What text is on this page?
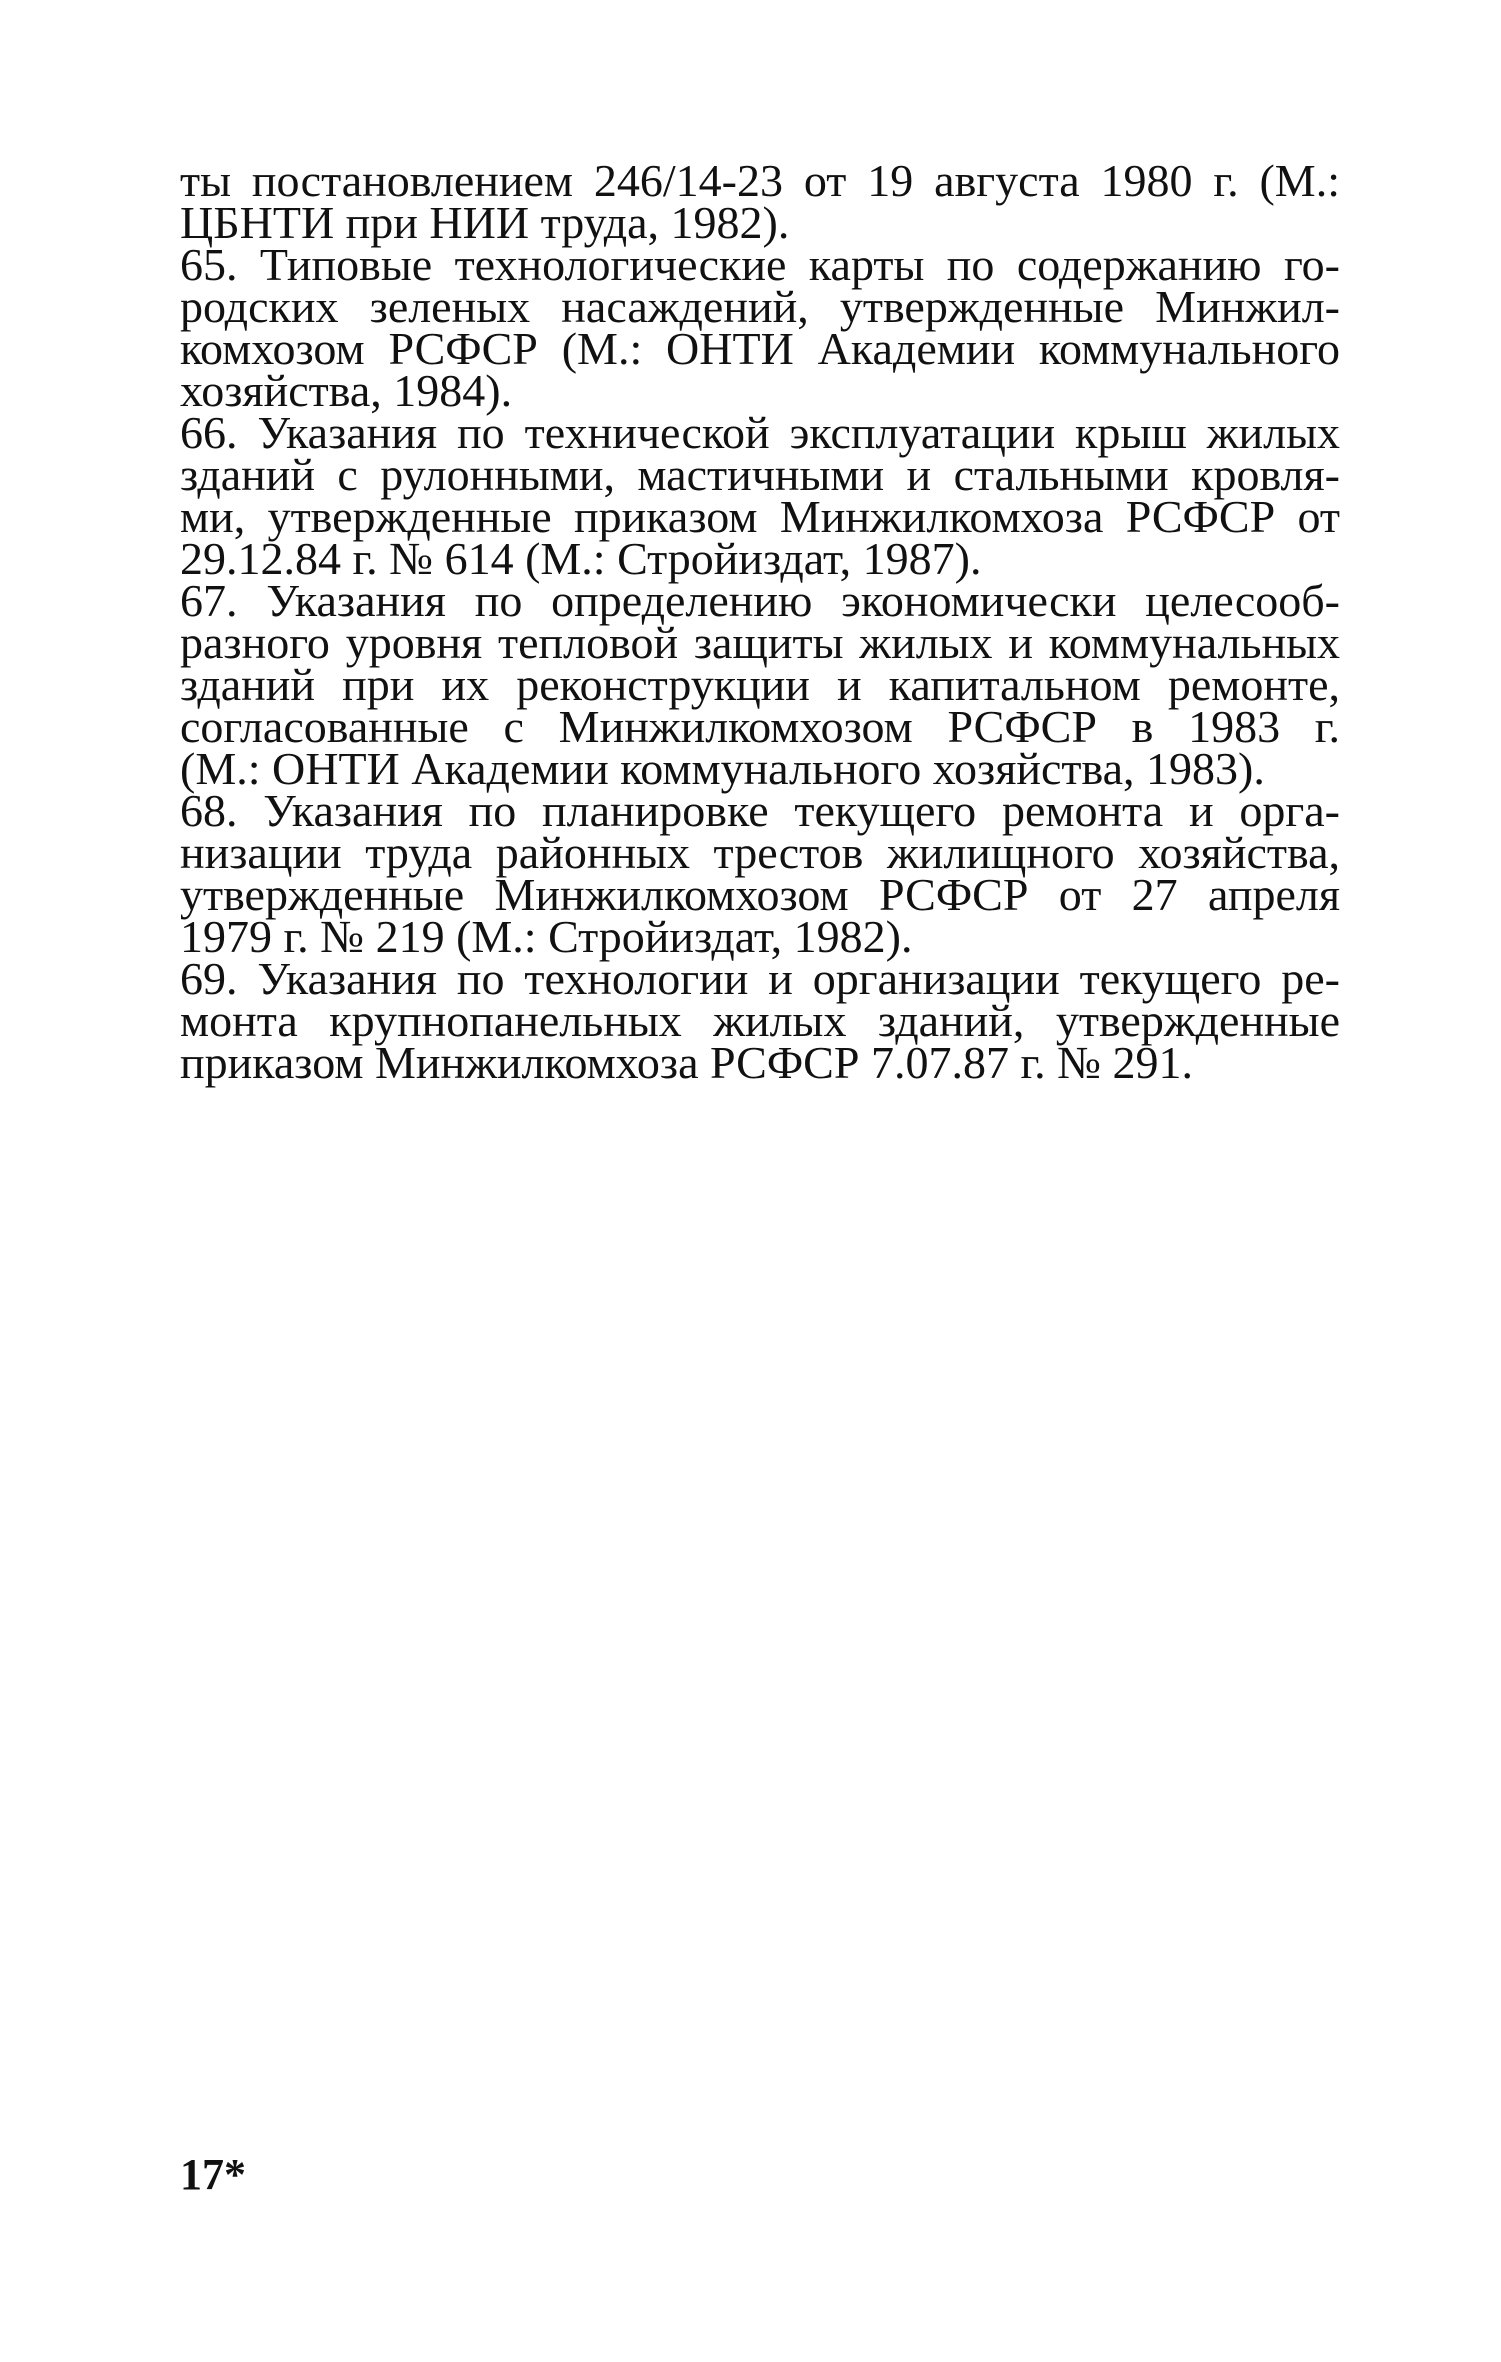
ты постановлением 246/14-23 от 19 августа 1980 г. (М.:
ЦБНТИ при НИИ труда, 1982).
65. Типовые технологические карты по содержанию го-
родских зеленых насаждений, утвержденные Минжил-
комхозом РСФСР (М.: ОНТИ Академии коммунального
хозяйства, 1984).
66. Указания по технической эксплуатации крыш жилых
зданий с рулонными, мастичными и стальными кровля-
ми, утвержденные приказом Минжилкомхоза РСФСР от
29.12.84 г. № 614 (М.: Стройиздат, 1987).
67. Указания по определению экономически целесооб-
разного уровня тепловой защиты жилых и коммунальных
зданий при их реконструкции и капитальном ремонте,
согласованные с Минжилкомхозом РСФСР в 1983 г.
(М.: ОНТИ Академии коммунального хозяйства, 1983).
68. Указания по планировке текущего ремонта и орга-
низации труда районных трестов жилищного хозяйства,
утвержденные Минжилкомхозом РСФСР от 27 апреля
1979 г. № 219 (М.: Стройиздат, 1982).
69. Указания по технологии и организации текущего ре-
монта крупнопанельных жилых зданий, утвержденные
приказом Минжилкомхоза РСФСР 7.07.87 г. № 291.
17*
